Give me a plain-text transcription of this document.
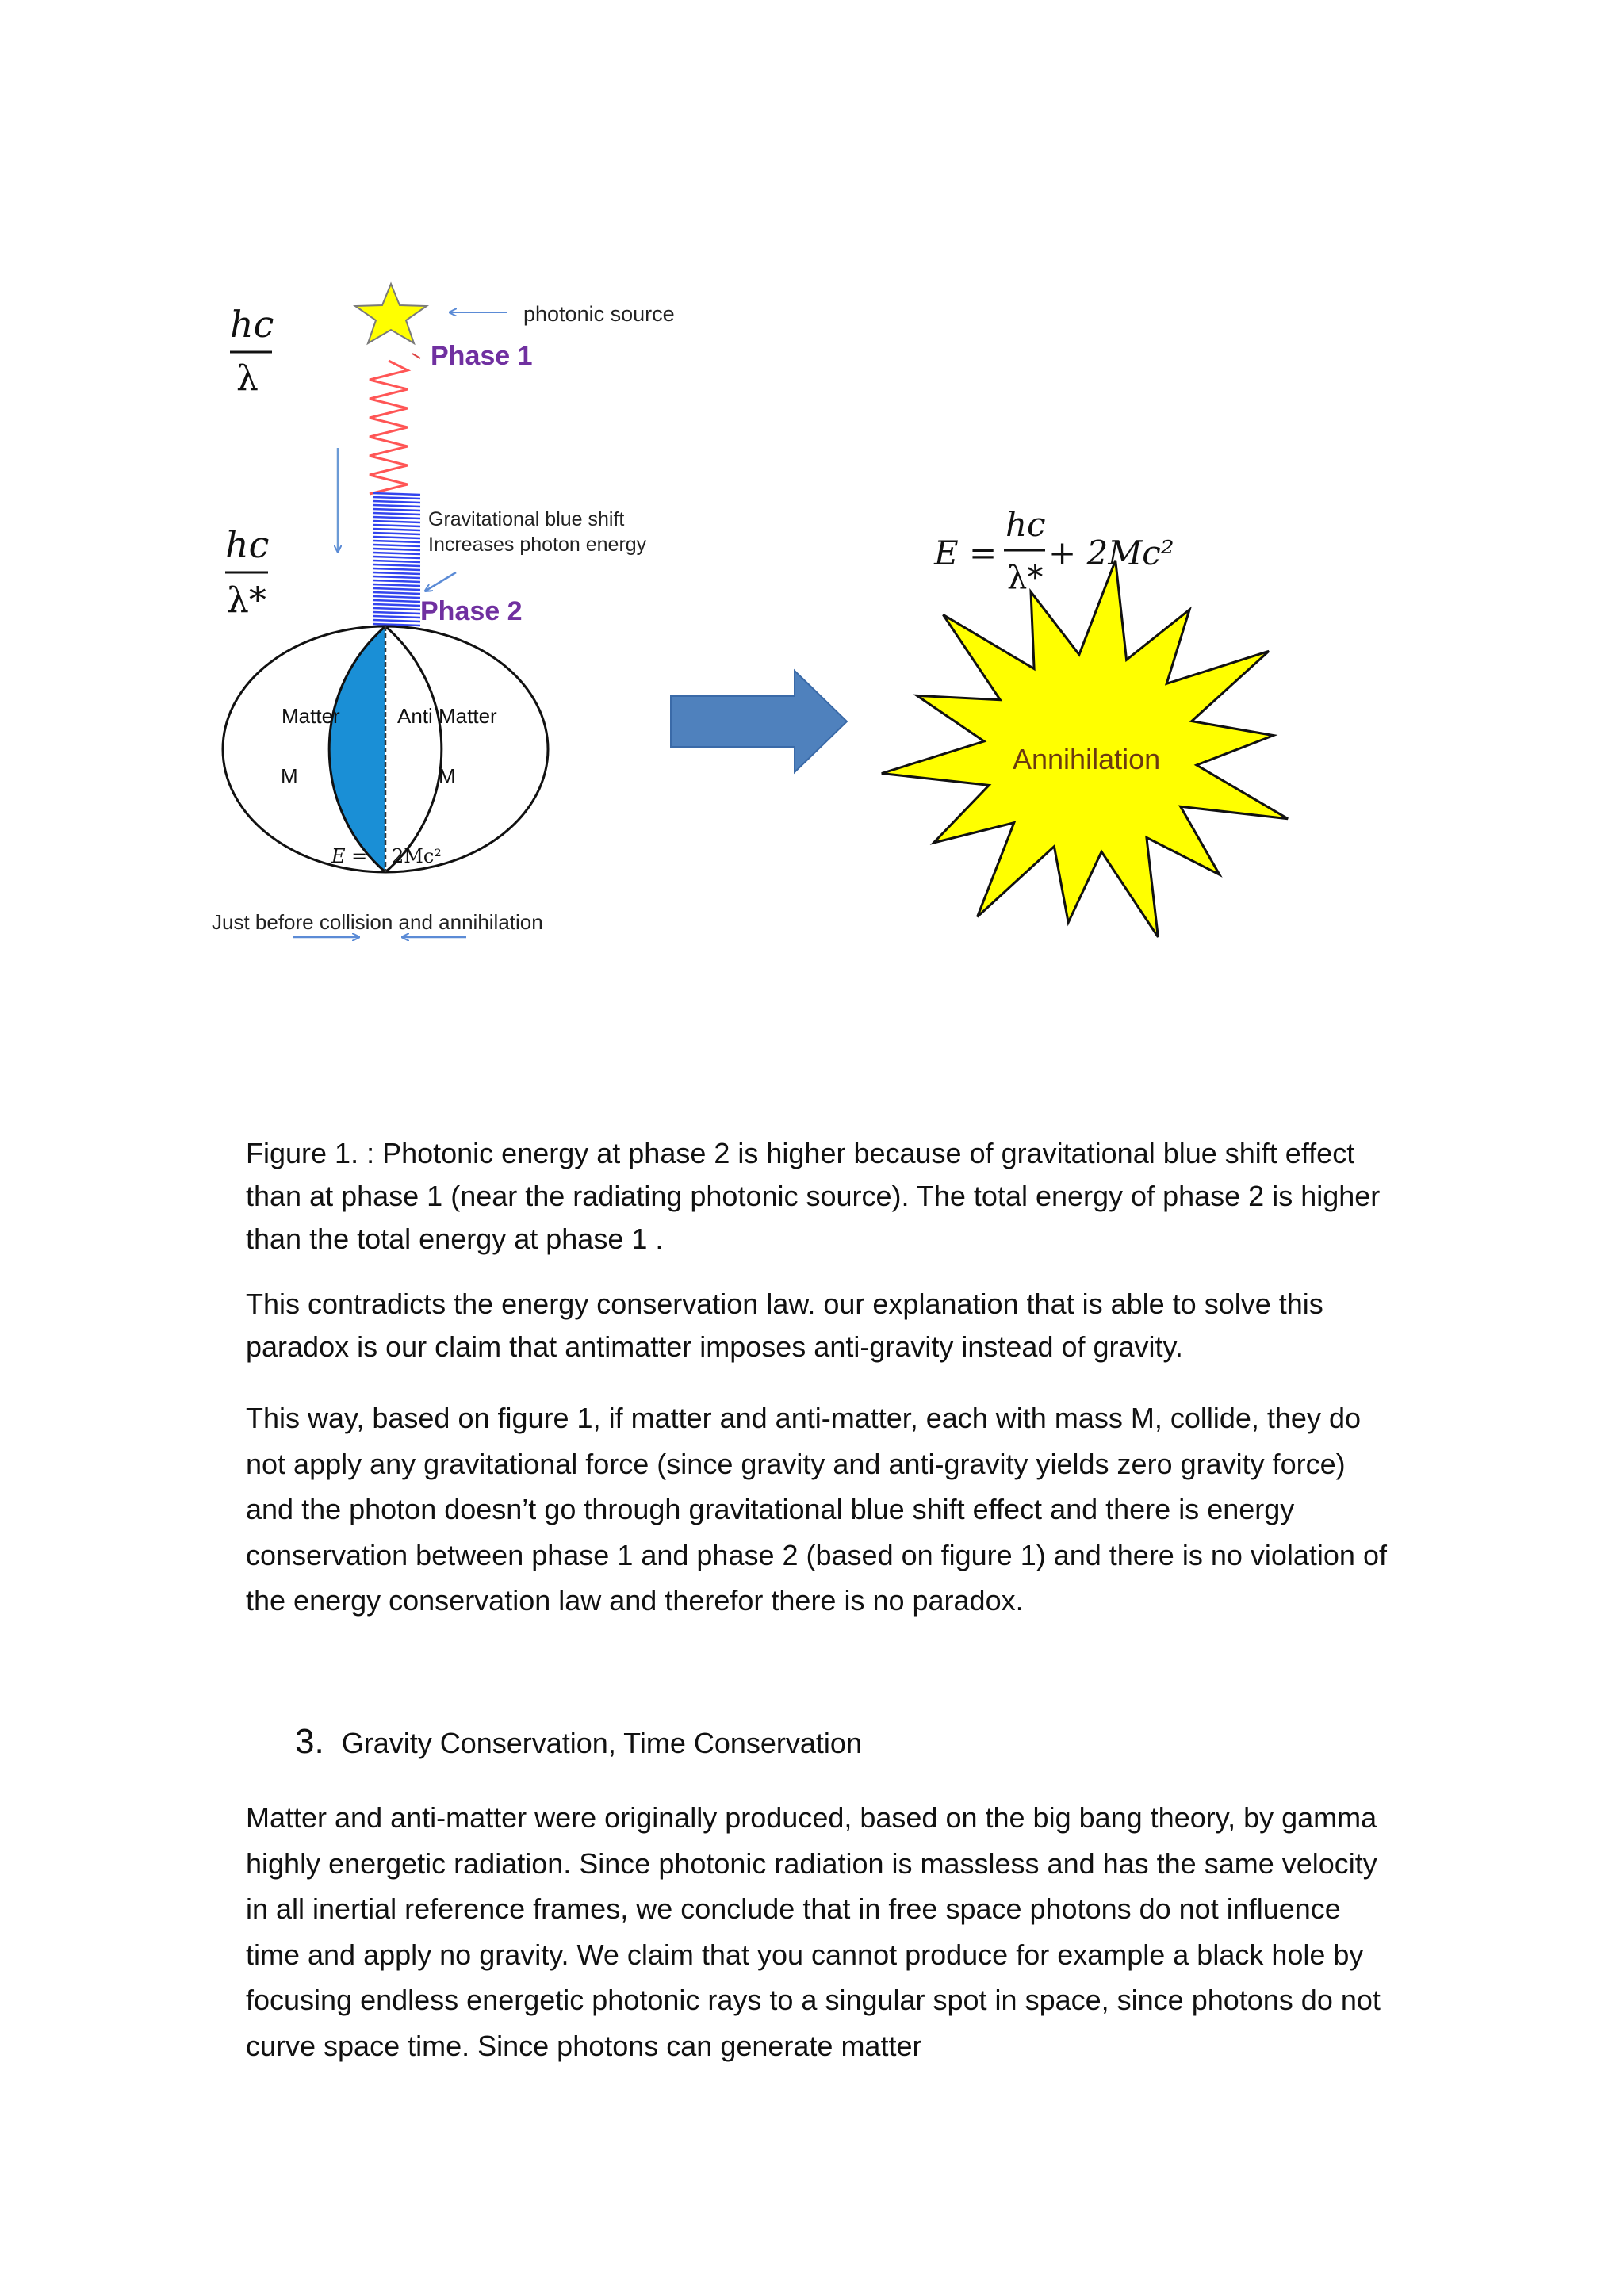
hc
λ
hc
λ*
photonic source
Phase 1
Gravitational blue shift
Increases photon energy
Phase 2
Matter
M
Anti Matter
M
E = 2Mc²
Just before collision and annihilation
E =
hc
λ*
+ 2Mc²
Annihilation
Figure 1. : Photonic energy at phase 2 is higher because of gravitational blue shift effect than at phase 1 (near the radiating photonic source). The total energy of phase 2 is higher than the total energy at phase 1 .
This contradicts the energy conservation law. our explanation that is able to solve this paradox is our claim that antimatter imposes anti-gravity instead of gravity.
This way, based on figure 1, if matter and anti-matter, each with mass M, collide, they do not apply any gravitational force (since gravity and anti-gravity yields zero gravity force) and the photon doesn’t go through gravitational blue shift effect and there is energy conservation between phase 1 and phase 2 (based on figure 1) and there is no violation of the energy conservation law and therefor there is no paradox.
3. Gravity Conservation, Time Conservation
Matter and anti-matter were originally produced, based on the big bang theory, by gamma highly energetic radiation. Since photonic radiation is massless and has the same velocity in all inertial reference frames, we conclude that in free space photons do not influence time and apply no gravity. We claim that you cannot produce for example a black hole by focusing endless energetic photonic rays to a singular spot in space, since photons do not curve space time. Since photons can generate matter
